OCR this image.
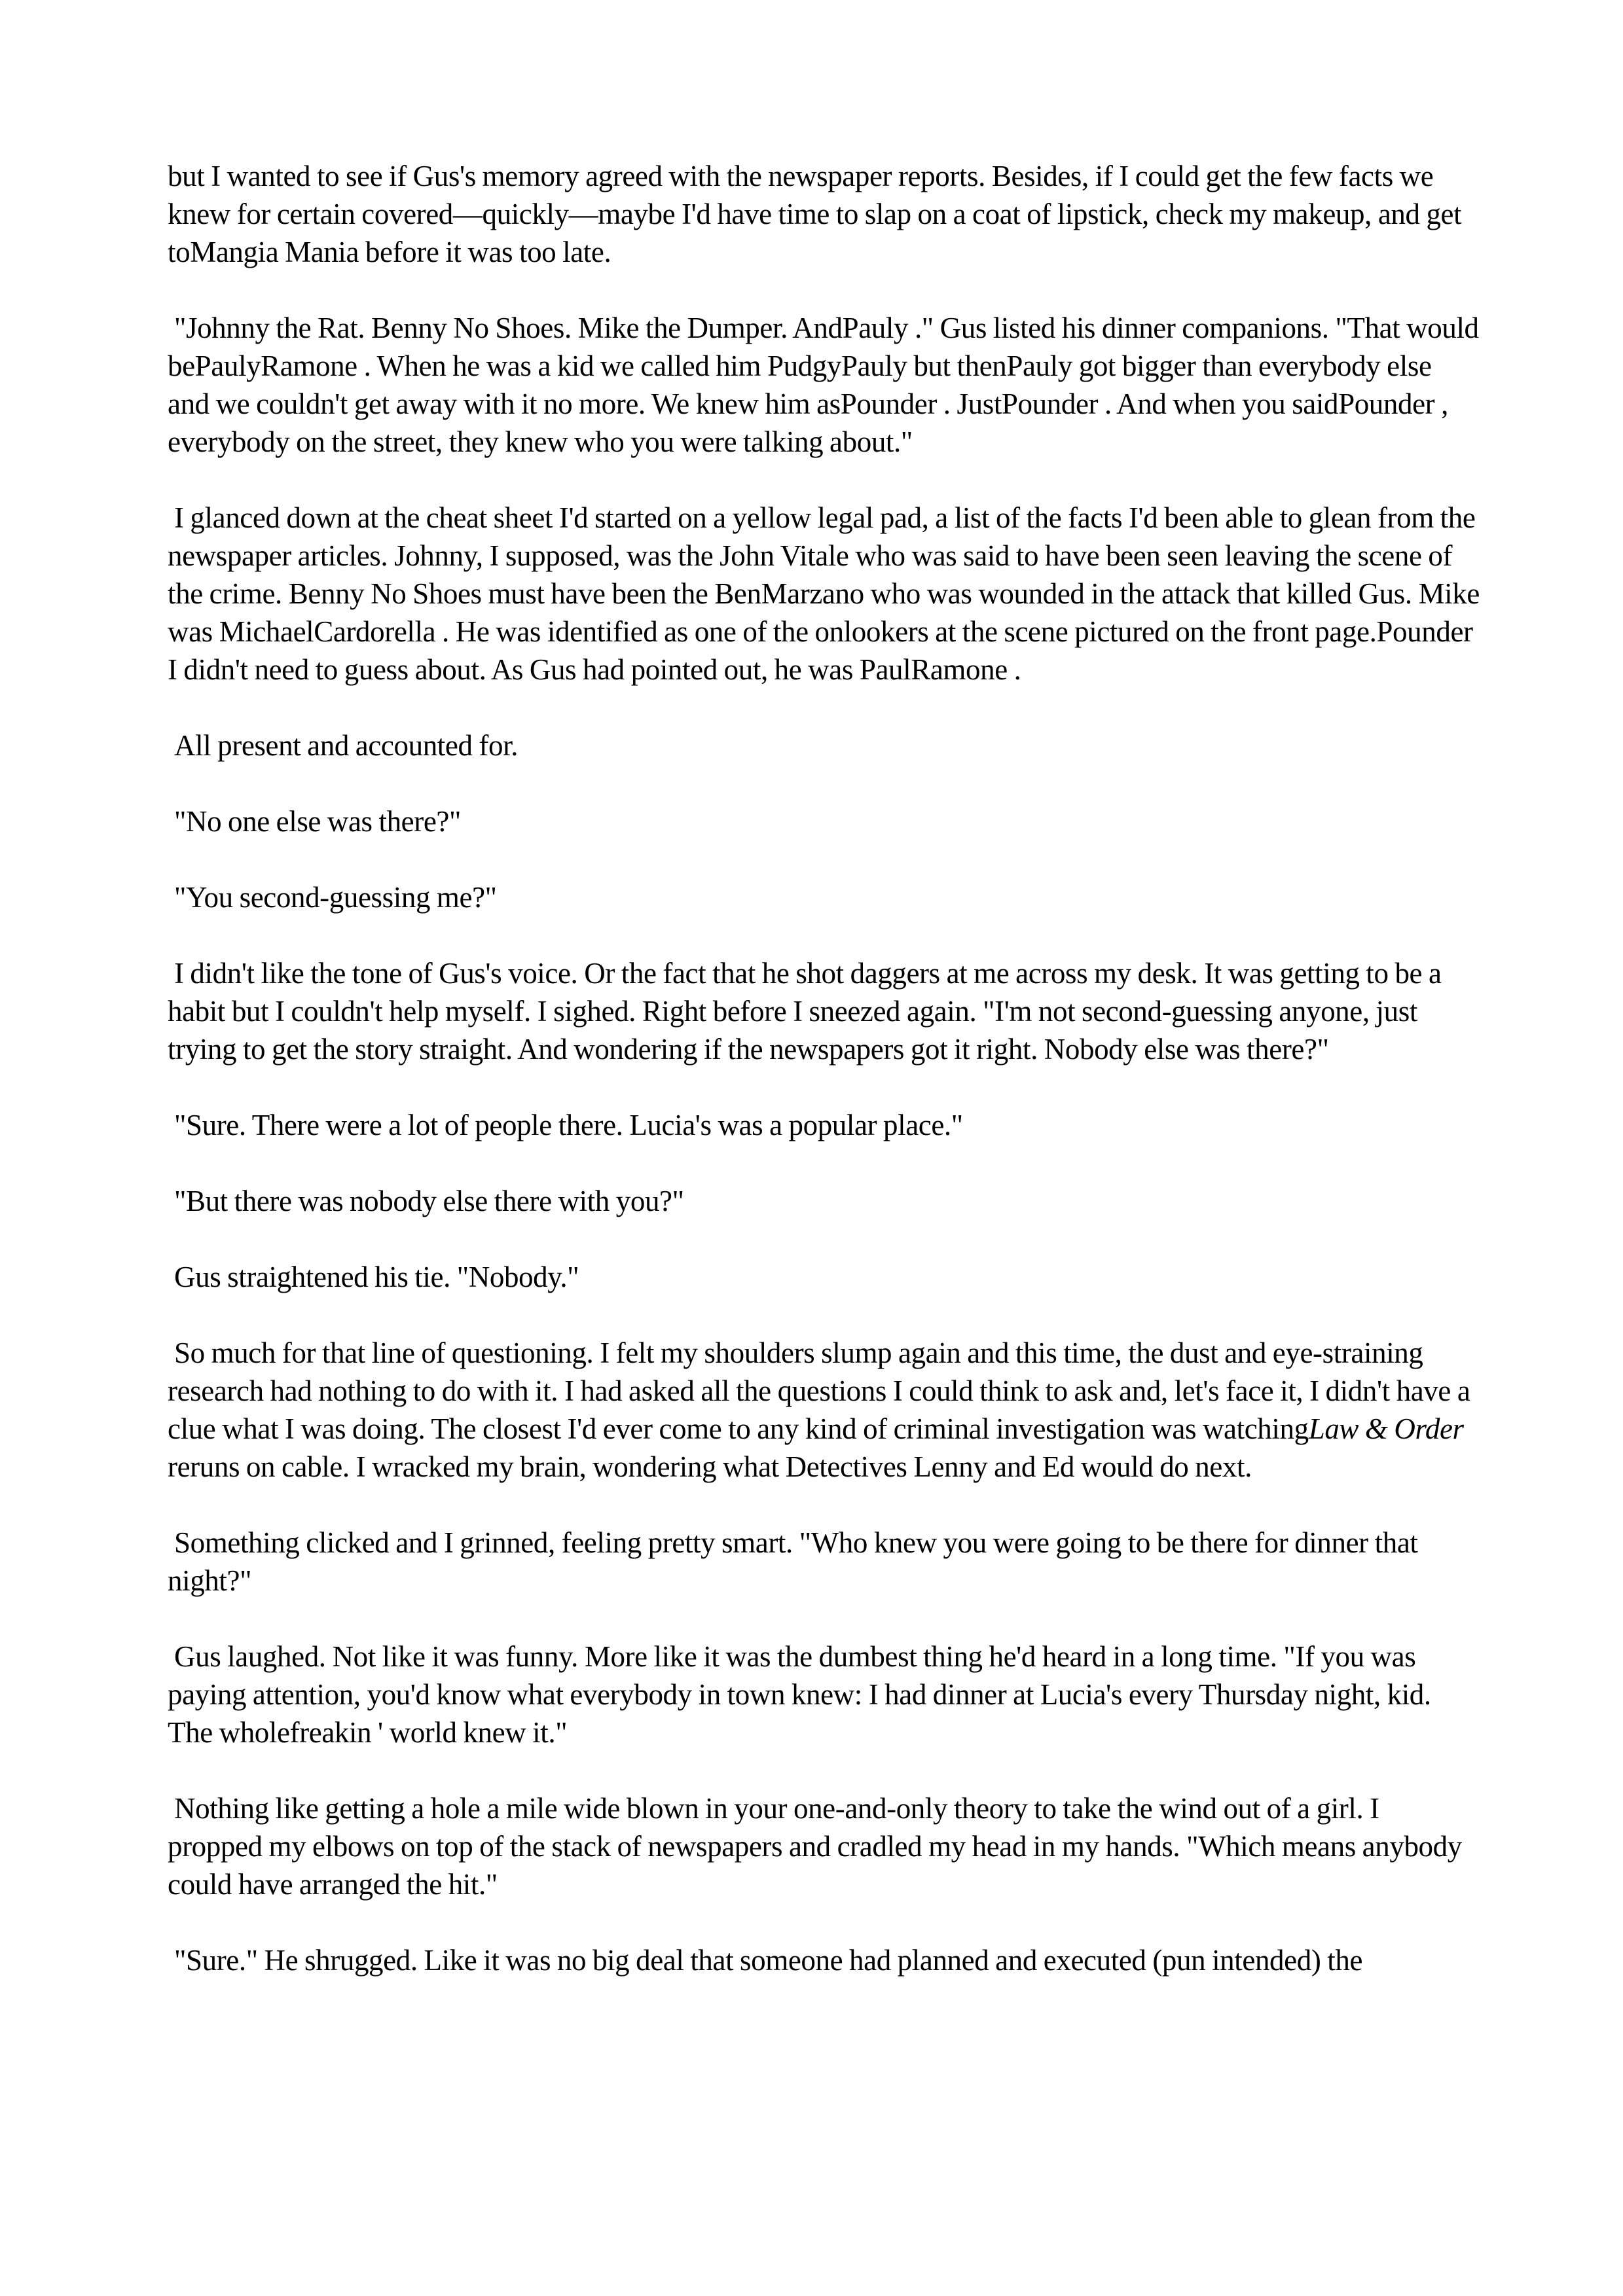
but I wanted to see if Gus's memory agreed with the newspaper reports. Besides, if I could get the few facts we knew for certain covered—quickly—maybe I'd have time to slap on a coat of lipstick, check my makeup, and get toMangia Mania before it was too late.

"Johnny the Rat. Benny No Shoes. Mike the Dumper. AndPauly ." Gus listed his dinner companions. "That would bePaulyRamone . When he was a kid we called him PudgyPauly but thenPauly got bigger than everybody else and we couldn't get away with it no more. We knew him asPounder . JustPounder . And when you saidPounder , everybody on the street, they knew who you were talking about."

I glanced down at the cheat sheet I'd started on a yellow legal pad, a list of the facts I'd been able to glean from the newspaper articles. Johnny, I supposed, was the John Vitale who was said to have been seen leaving the scene of the crime. Benny No Shoes must have been the BenMarzano who was wounded in the attack that killed Gus. Mike was MichaelCardorella . He was identified as one of the onlookers at the scene pictured on the front page.Pounder I didn't need to guess about. As Gus had pointed out, he was PaulRamone .

All present and accounted for.

"No one else was there?"

"You second-guessing me?"

I didn't like the tone of Gus's voice. Or the fact that he shot daggers at me across my desk. It was getting to be a habit but I couldn't help myself. I sighed. Right before I sneezed again. "I'm not second-guessing anyone, just trying to get the story straight. And wondering if the newspapers got it right. Nobody else was there?"

"Sure. There were a lot of people there. Lucia's was a popular place."

"But there was nobody else there with you?"

Gus straightened his tie. "Nobody."

So much for that line of questioning. I felt my shoulders slump again and this time, the dust and eye-straining research had nothing to do with it. I had asked all the questions I could think to ask and, let's face it, I didn't have a clue what I was doing. The closest I'd ever come to any kind of criminal investigation was watchingLaw & Order reruns on cable. I wracked my brain, wondering what Detectives Lenny and Ed would do next.

Something clicked and I grinned, feeling pretty smart. "Who knew you were going to be there for dinner that night?"

Gus laughed. Not like it was funny. More like it was the dumbest thing he'd heard in a long time. "If you was paying attention, you'd know what everybody in town knew: I had dinner at Lucia's every Thursday night, kid. The wholefreakin ' world knew it."

Nothing like getting a hole a mile wide blown in your one-and-only theory to take the wind out of a girl. I propped my elbows on top of the stack of newspapers and cradled my head in my hands. "Which means anybody could have arranged the hit."

"Sure." He shrugged. Like it was no big deal that someone had planned and executed (pun intended) the
